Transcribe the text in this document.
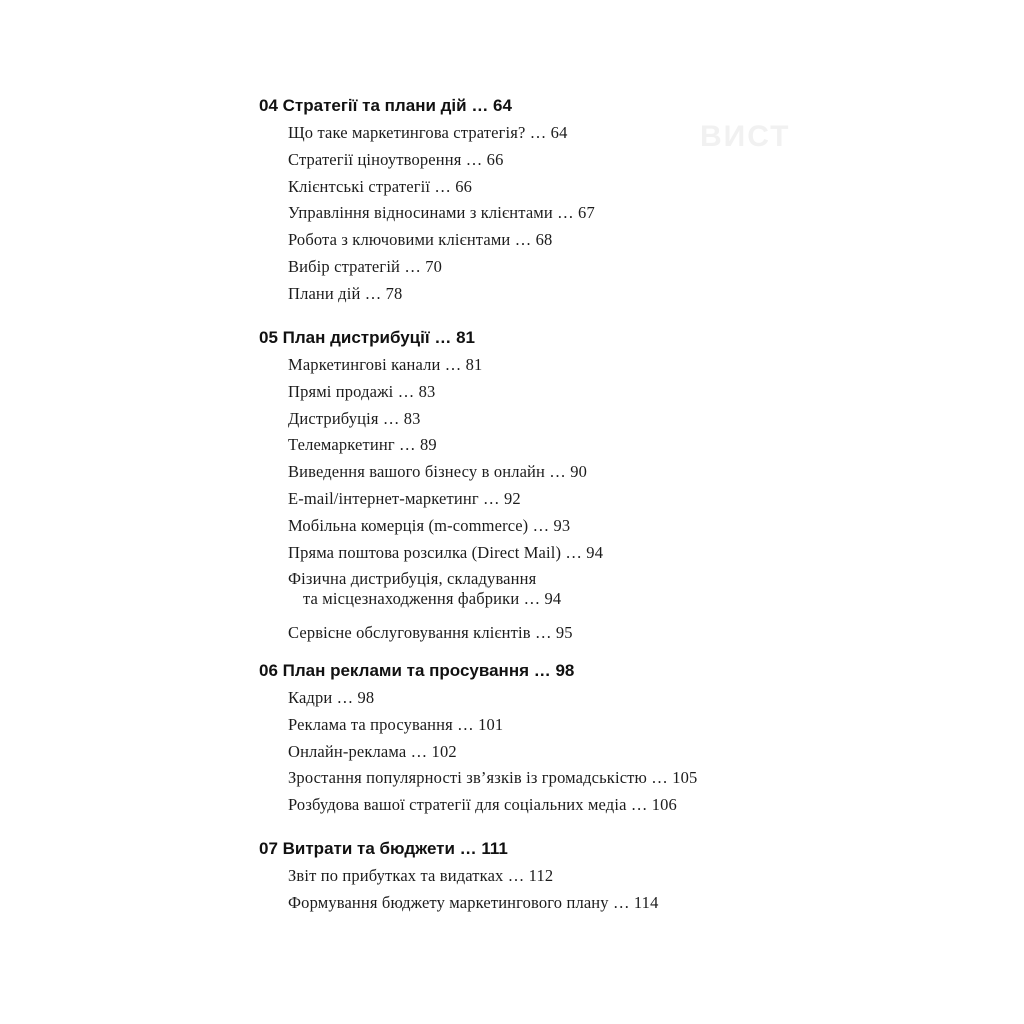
ВИСТ
04 Стратегії та плани дій … 64
Що таке маркетингова стратегія? … 64
Стратегії ціноутворення … 66
Клієнтські стратегії … 66
Управління відносинами з клієнтами … 67
Робота з ключовими клієнтами … 68
Вибір стратегій … 70
Плани дій … 78
05 План дистрибуції … 81
Маркетингові канали … 81
Прямі продажі … 83
Дистрибуція … 83
Телемаркетинг … 89
Виведення вашого бізнесу в онлайн … 90
E-mail/інтернет-маркетинг … 92
Мобільна комерція (m-commerce) … 93
Пряма поштова розсилка (Direct Mail) … 94
Фізична дистрибуція, складування
та місцезнаходження фабрики … 94
Сервісне обслуговування клієнтів … 95
06 План реклами та просування … 98
Кадри … 98
Реклама та просування … 101
Онлайн-реклама … 102
Зростання популярності зв’язків із громадськістю … 105
Розбудова вашої стратегії для соціальних медіа … 106
07 Витрати та бюджети … 111
Звіт по прибутках та видатках … 112
Формування бюджету маркетингового плану … 114
